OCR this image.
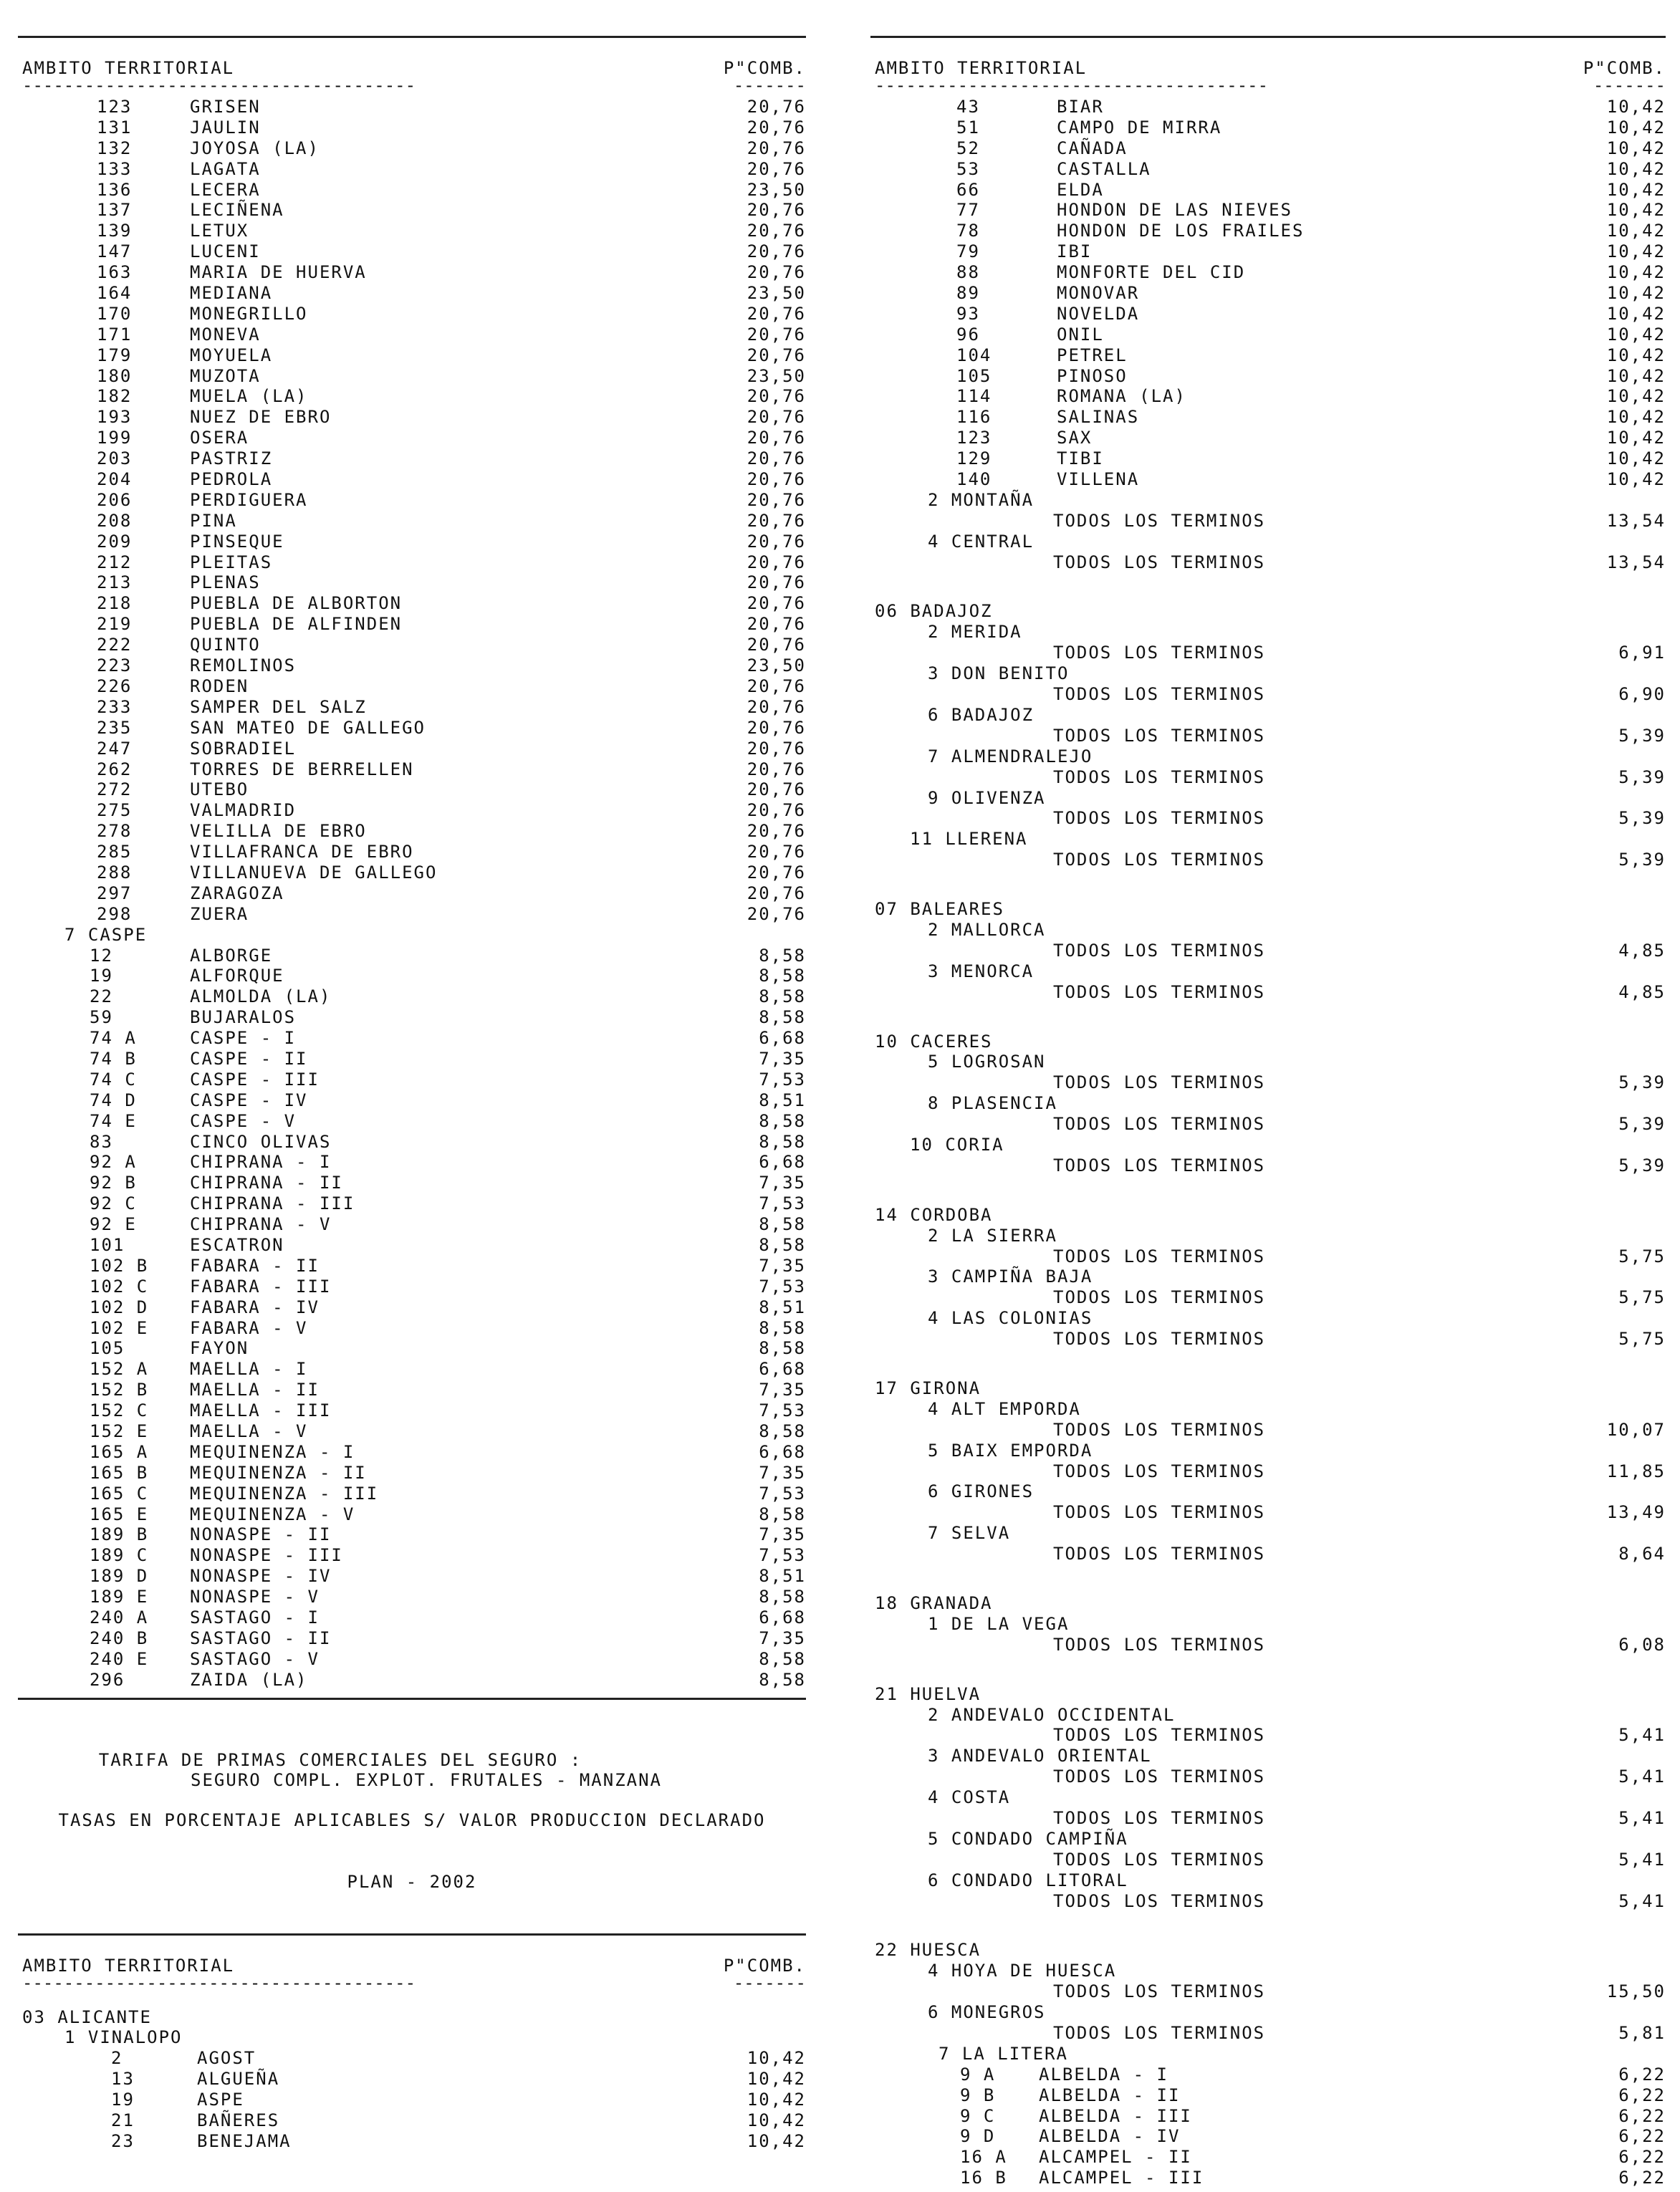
AMBITO TERRITORIAL	P"COMB.
--------------------------------------	-------
123	GRISEN	20,76
131	JAULIN	20,76
132	JOYOSA (LA)	20,76
133	LAGATA	20,76
136	LECERA	23,50
137	LECIÑENA	20,76
139	LETUX	20,76
147	LUCENI	20,76
163	MARIA DE HUERVA	20,76
164	MEDIANA	23,50
170	MONEGRILLO	20,76
171	MONEVA	20,76
179	MOYUELA	20,76
180	MUZOTA	23,50
182	MUELA (LA)	20,76
193	NUEZ DE EBRO	20,76
199	OSERA	20,76
203	PASTRIZ	20,76
204	PEDROLA	20,76
206	PERDIGUERA	20,76
208	PINA	20,76
209	PINSEQUE	20,76
212	PLEITAS	20,76
213	PLENAS	20,76
218	PUEBLA DE ALBORTON	20,76
219	PUEBLA DE ALFINDEN	20,76
222	QUINTO	20,76
223	REMOLINOS	23,50
226	RODEN	20,76
233	SAMPER DEL SALZ	20,76
235	SAN MATEO DE GALLEGO	20,76
247	SOBRADIEL	20,76
262	TORRES DE BERRELLEN	20,76
272	UTEBO	20,76
275	VALMADRID	20,76
278	VELILLA DE EBRO	20,76
285	VILLAFRANCA DE EBRO	20,76
288	VILLANUEVA DE GALLEGO	20,76
297	ZARAGOZA	20,76
298	ZUERA	20,76
7 CASPE
12	ALBORGE	8,58
19	ALFORQUE	8,58
22	ALMOLDA (LA)	8,58
59	BUJARALOS	8,58
74 A	CASPE - I	6,68
74 B	CASPE - II	7,35
74 C	CASPE - III	7,53
74 D	CASPE - IV	8,51
74 E	CASPE - V	8,58
83	CINCO OLIVAS	8,58
92 A	CHIPRANA - I	6,68
92 B	CHIPRANA - II	7,35
92 C	CHIPRANA - III	7,53
92 E	CHIPRANA - V	8,58
101	ESCATRON	8,58
102 B	FABARA - II	7,35
102 C	FABARA - III	7,53
102 D	FABARA - IV	8,51
102 E	FABARA - V	8,58
105	FAYON	8,58
152 A	MAELLA - I	6,68
152 B	MAELLA - II	7,35
152 C	MAELLA - III	7,53
152 E	MAELLA - V	8,58
165 A	MEQUINENZA - I	6,68
165 B	MEQUINENZA - II	7,35
165 C	MEQUINENZA - III	7,53
165 E	MEQUINENZA - V	8,58
189 B	NONASPE - II	7,35
189 C	NONASPE - III	7,53
189 D	NONASPE - IV	8,51
189 E	NONASPE - V	8,58
240 A	SASTAGO - I	6,68
240 B	SASTAGO - II	7,35
240 E	SASTAGO - V	8,58
296	ZAIDA (LA)	8,58
TARIFA DE PRIMAS COMERCIALES DEL SEGURO :
SEGURO COMPL. EXPLOT. FRUTALES - MANZANA
TASAS EN PORCENTAJE APLICABLES S/ VALOR PRODUCCION DECLARADO
PLAN - 2002
AMBITO TERRITORIAL	P"COMB.
--------------------------------------	-------
03 ALICANTE
1 VINALOPO
2	AGOST	10,42
13	ALGUEÑA	10,42
19	ASPE	10,42
21	BAÑERES	10,42
23	BENEJAMA	10,42
AMBITO TERRITORIAL	P"COMB.
--------------------------------------	-------
43	BIAR	10,42
51	CAMPO DE MIRRA	10,42
52	CAÑADA	10,42
53	CASTALLA	10,42
66	ELDA	10,42
77	HONDON DE LAS NIEVES	10,42
78	HONDON DE LOS FRAILES	10,42
79	IBI	10,42
88	MONFORTE DEL CID	10,42
89	MONOVAR	10,42
93	NOVELDA	10,42
96	ONIL	10,42
104	PETREL	10,42
105	PINOSO	10,42
114	ROMANA (LA)	10,42
116	SALINAS	10,42
123	SAX	10,42
129	TIBI	10,42
140	VILLENA	10,42
2 MONTAÑA
TODOS LOS TERMINOS	13,54
4 CENTRAL
TODOS LOS TERMINOS	13,54
06 BADAJOZ
2 MERIDA
TODOS LOS TERMINOS	6,91
3 DON BENITO
TODOS LOS TERMINOS	6,90
6 BADAJOZ
TODOS LOS TERMINOS	5,39
7 ALMENDRALEJO
TODOS LOS TERMINOS	5,39
9 OLIVENZA
TODOS LOS TERMINOS	5,39
11 LLERENA
TODOS LOS TERMINOS	5,39
07 BALEARES
2 MALLORCA
TODOS LOS TERMINOS	4,85
3 MENORCA
TODOS LOS TERMINOS	4,85
10 CACERES
5 LOGROSAN
TODOS LOS TERMINOS	5,39
8 PLASENCIA
TODOS LOS TERMINOS	5,39
10 CORIA
TODOS LOS TERMINOS	5,39
14 CORDOBA
2 LA SIERRA
TODOS LOS TERMINOS	5,75
3 CAMPIÑA BAJA
TODOS LOS TERMINOS	5,75
4 LAS COLONIAS
TODOS LOS TERMINOS	5,75
17 GIRONA
4 ALT EMPORDA
TODOS LOS TERMINOS	10,07
5 BAIX EMPORDA
TODOS LOS TERMINOS	11,85
6 GIRONES
TODOS LOS TERMINOS	13,49
7 SELVA
TODOS LOS TERMINOS	8,64
18 GRANADA
1 DE LA VEGA
TODOS LOS TERMINOS	6,08
21 HUELVA
2 ANDEVALO OCCIDENTAL
TODOS LOS TERMINOS	5,41
3 ANDEVALO ORIENTAL
TODOS LOS TERMINOS	5,41
4 COSTA
TODOS LOS TERMINOS	5,41
5 CONDADO CAMPIÑA
TODOS LOS TERMINOS	5,41
6 CONDADO LITORAL
TODOS LOS TERMINOS	5,41
22 HUESCA
4 HOYA DE HUESCA
TODOS LOS TERMINOS	15,50
6 MONEGROS
TODOS LOS TERMINOS	5,81
7 LA LITERA
9 A	ALBELDA - I	6,22
9 B	ALBELDA - II	6,22
9 C	ALBELDA - III	6,22
9 D	ALBELDA - IV	6,22
16 A	ALCAMPEL - II	6,22
16 B	ALCAMPEL - III	6,22
